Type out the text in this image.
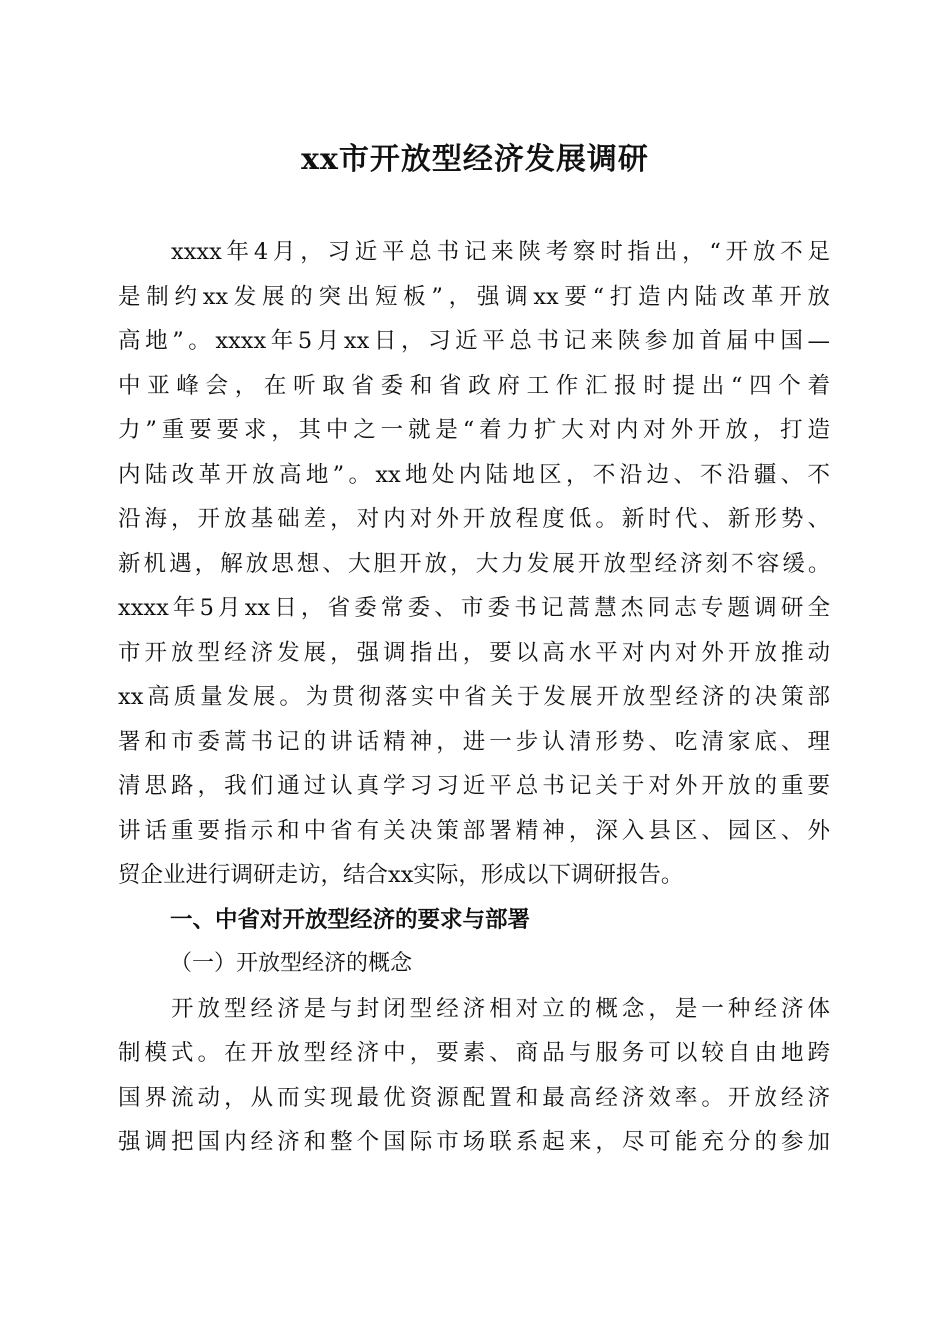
xx市开放型经济发展调研
xxxx年4月，习近平总书记来陕考察时指出，“开放不足
是制约xx发展的突出短板”，强调xx要“打造内陆改革开放
高地”。xxxx年5月xx日，习近平总书记来陕参加首届中国—
中亚峰会，在听取省委和省政府工作汇报时提出“四个着
力”重要要求，其中之一就是“着力扩大对内对外开放，打造
内陆改革开放高地”。xx地处内陆地区，不沿边、不沿疆、不
沿海，开放基础差，对内对外开放程度低。新时代、新形势、
新机遇，解放思想、大胆开放，大力发展开放型经济刻不容缓。
xxxx年5月xx日，省委常委、市委书记蒿慧杰同志专题调研全
市开放型经济发展，强调指出，要以高水平对内对外开放推动
xx高质量发展。为贯彻落实中省关于发展开放型经济的决策部
署和市委蒿书记的讲话精神，进一步认清形势、吃清家底、理
清思路，我们通过认真学习习近平总书记关于对外开放的重要
讲话重要指示和中省有关决策部署精神，深入县区、园区、外
贸企业进行调研走访，结合xx实际，形成以下调研报告。
一、中省对开放型经济的要求与部署
（一）开放型经济的概念
开放型经济是与封闭型经济相对立的概念，是一种经济体
制模式。在开放型经济中，要素、商品与服务可以较自由地跨
国界流动，从而实现最优资源配置和最高经济效率。开放经济
强调把国内经济和整个国际市场联系起来，尽可能充分的参加
